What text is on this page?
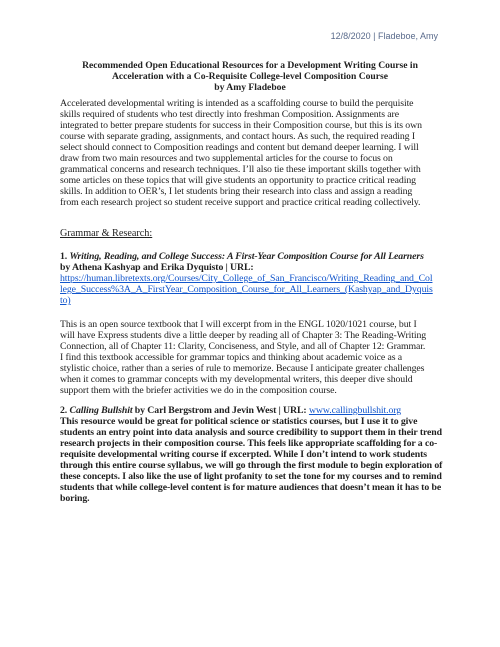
12/8/2020 | Fladeboe, Amy
Recommended Open Educational Resources for a Development Writing Course in
Acceleration with a Co-Requisite College-level Composition Course
by Amy Fladeboe
Accelerated developmental writing is intended as a scaffolding course to build the perquisite
skills required of students who test directly into freshman Composition. Assignments are
integrated to better prepare students for success in their Composition course, but this is its own
course with separate grading, assignments, and contact hours. As such, the required reading I
select should connect to Composition readings and content but demand deeper learning. I will
draw from two main resources and two supplemental articles for the course to focus on
grammatical concerns and research techniques. I’ll also tie these important skills together with
some articles on these topics that will give students an opportunity to practice critical reading
skills. In addition to OER’s, I let students bring their research into class and assign a reading
from each research project so student receive support and practice critical reading collectively.
Grammar & Research:
1. Writing, Reading, and College Success: A First-Year Composition Course for All Learners
by Athena Kashyap and Erika Dyquisto | URL:
https://human.libretexts.org/Courses/City_College_of_San_Francisco/Writing_Reading_and_Col
lege_Success%3A_A_FirstYear_Composition_Course_for_All_Learners_(Kashyap_and_Dyquis
to)
This is an open source textbook that I will excerpt from in the ENGL 1020/1021 course, but I
will have Express students dive a little deeper by reading all of Chapter 3: The Reading-Writing
Connection, all of Chapter 11: Clarity, Conciseness, and Style, and all of Chapter 12: Grammar.
I find this textbook accessible for grammar topics and thinking about academic voice as a
stylistic choice, rather than a series of rule to memorize. Because I anticipate greater challenges
when it comes to grammar concepts with my developmental writers, this deeper dive should
support them with the briefer activities we do in the composition course.
2. Calling Bullshit by Carl Bergstrom and Jevin West | URL: www.callingbullshit.org
This resource would be great for political science or statistics courses, but I use it to give
students an entry point into data analysis and source credibility to support them in their trend
research projects in their composition course. This feels like appropriate scaffolding for a co-
requisite developmental writing course if excerpted. While I don’t intend to work students
through this entire course syllabus, we will go through the first module to begin exploration of
these concepts. I also like the use of light profanity to set the tone for my courses and to remind
students that while college-level content is for mature audiences that doesn’t mean it has to be
boring.
